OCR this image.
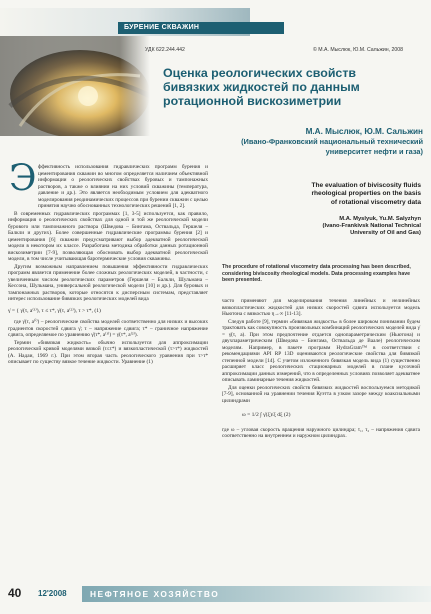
БУРЕНИЕ СКВАЖИН
УДК 622.244.442	© М.А. Мыслюк, Ю.М. Сальжин, 2008
Оценка реологических свойств бивязких жидкостей по данным ротационной вискозиметрии
М.А. Мыслюк, Ю.М. Сальжин
(Ивано-Франковский национальный технический университет нефти и газа)
Э ффективность использования гидравлических программ бурения и цементирования скважин во многом определяется наличием объективной информации о реологических свойствах буровых и тампонажных растворов, а также о влиянии на них условий скважины (температура, давление и др.). Это является необходимым условием для адекватного моделирования реодинамических процессов при бурении скважин с целью принятия научно обоснованных технологических решений [1, 2].

В современных гидравлических программах [1, 3-5] используется, как правило, информация о реологических свойствах для одной и той же реологической модели бурового или тампонажного раствора (Шведова – Бингама, Оствальда, Гершеля – Балкли и других). Более совершенные гидравлические программы бурения [2] и цементирования [6] скважин предусматривают выбор адекватной реологической модели в некотором их классе. Разработана методика обработки данных ротационной вискозиметрии [7-9], позволяющая обосновать выбор адекватной реологической модели, в том числе учитывающая баротермические условия скважины.

Другим возможным направлением повышения эффективности гидравлических программ является применение более сложных реологических моделей, в частности, с увеличенным числом реологических параметров (Гершеля – Балкли, Шульмана – Кессона, Шульмана, универсальной реологической модели [10] и др.). Для буровых и тампонажных растворов, которые относятся к дисперсным системам, представляет интерес использование бивязких реологических моделей вида

γ̇ = { γ̇(τ, a⁽¹⁾), τ ≤ τ*, γ̇(τ, a⁽²⁾), τ > τ*, (1)

где γ̇(τ, a⁽ⁱ⁾) – реологические свойства моделей соответственно для низких и высоких градиентов скоростей сдвига γ̇; τ – напряжение сдвига; τ* – граничное напряжение сдвига, определяемое по уравнению γ̇(τ*, a⁽¹⁾) = γ̇(τ*, a⁽²⁾).

Термин «бивязкая жидкость» обычно используется для аппроксимации реологической кривой моделями вязкой (τ≤τ*) и вязкопластической (τ>τ*) жидкостей (А. Надаи, 1969 г.). При этом вторая часть реологического уравнения при τ>τ* описывает по существу вязкое течение жидкости. Уравнение (1)

The evaluation of biviscosity fluids rheological properties on the basis of rotational viscometry data
M.A. Myslyuk, Yu.M. Salyzhyn
(Ivano-Frankivsk National Technical University of Oil and Gas)
The procedure of rotational viscometry data processing has been described, considering biviscosity rheological models. Data processing examples have been presented.

часто применяют для моделирования течения линейных и нелинейных вязкопластических жидкостей для низких скоростей сдвига используется модель Ньютона с вязкостью η→∞ [11-13].

Следуя работе [9], термин «бивязкая жидкость» в более широком понимании будем трактовать как совокупность произвольных комбинаций реологических моделей вида γ̇ = γ̇(τ, a). При этом предпочтение отдается однопараметрическим (Ньютона) и двухпараметрическим (Шведова – Бингама, Оствальда де Ваале) реологическим моделям. Например, в пакете программ HydraGram™ в соответствии с рекомендациями API RP 13D оцениваются реологические свойства для бивязкой степенной модели [14]. С учетом изложенного бивязкая модель вида (1) существенно расширяет класс реологических стационарных моделей в плане кусочной аппроксимации данных измерений, что в определенных условиях позволяет адекватнее описывать ламинарные течения жидкостей.

Для оценки реологических свойств бивязких жидкостей воспользуемся методикой [7-9], основанной на уравнении течения Куэтта в узком зазоре между коаксиальными цилиндрами

ω = 1/2 ∫ γ̇(ξ)/ξ dξ (2)

где ω – угловая скорость вращения наружного цилиндра; τ₁, τ₂ – напряжения сдвига соответственно на внутреннем и наружном цилиндрах.

40 12'2008	НЕФТЯНОЕ ХОЗЯЙСТВО
